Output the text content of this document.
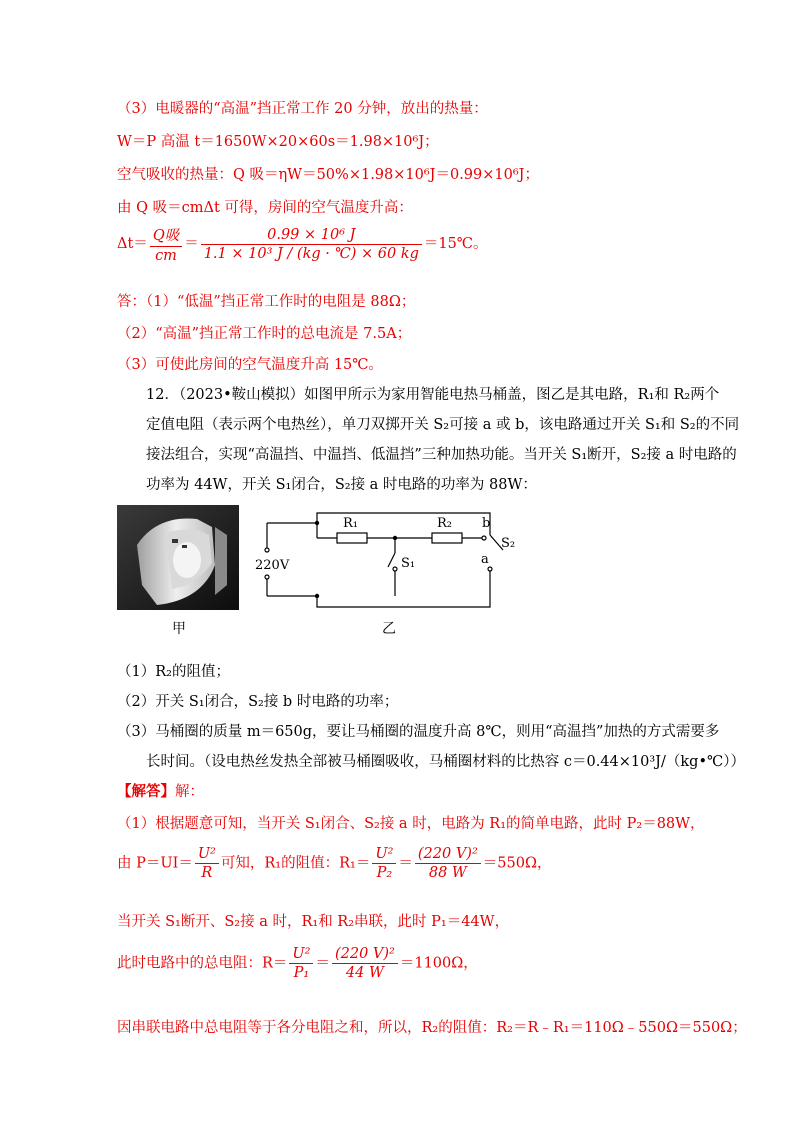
（3）电暖器的“高温”挡正常工作 20 分钟，放出的热量：
W＝P 高温 t＝1650W×20×60s＝1.98×10⁶J；
空气吸收的热量：Q 吸＝ηW＝50%×1.98×10⁶J＝0.99×10⁶J；
由 Q 吸＝cmΔt 可得，房间的空气温度升高：
$\Delta t= \frac{\text{Q吸}}{cm} = \frac{\text{0.99 × 10⁶ J}}{\text{1.1 × 10³ J / (kg · ℃) × 60 kg}}$ ＝15℃。
答：（1）“低温”挡正常工作时的电阻是 88Ω；
（2）“高温”挡正常工作时的总电流是 7.5A；
（3）可使此房间的空气温度升高 15℃。
12．（2023•鞍山模拟）如图甲所示为家用智能电热马桶盖，图乙是其电路，R₁和 R₂两个
定值电阻（表示两个电热丝），单刀双掷开关 S₂可接 a 或 b，该电路通过开关 S₁和 S₂的不同
接法组合，实现“高温挡、中温挡、低温挡”三种加热功能。当开关 S₁断开，S₂接 a 时电路的
功率为 44W，开关 S₁闭合，S₂接 a 时电路的功率为 88W：
甲
220V
R₁	R₂
S₁
S₂
a
b
乙
（1）R₂的阻值；
（2）开关 S₁闭合，S₂接 b 时电路的功率；
（3）马桶圈的质量 m＝650g，要让马桶圈的温度升高 8℃，则用“高温挡”加热的方式需要多
长时间。（设电热丝发热全部被马桶圈吸收，马桶圈材料的比热容 c＝0.44×10³J/（kg•℃））
【解答】解：
（1）根据题意可知，当开关 S₁闭合、S₂接 a 时，电路为 R₁的简单电路，此时 P₂＝88W，
由 $P=UI= \frac{\text{U²}}{R}$ 可知，R₁的阻值：$R_1= \frac{\text{U²}}{\text{P₂}} = \frac{\text{(220 V)²}}{88 W} =550\Omega$，
当开关 S₁断开、S₂接 a 时，R₁和 R₂串联，此时 P₁＝44W，
此时电路中的总电阻：$R= \frac{\text{U²}}{\text{P₁}} = \frac{\text{(220 V)²}}{44 W} =1100\Omega$，
因串联电路中总电阻等于各分电阻之和，所以，R₂的阻值：R₂＝R﹣R₁＝110Ω﹣550Ω＝550Ω；
